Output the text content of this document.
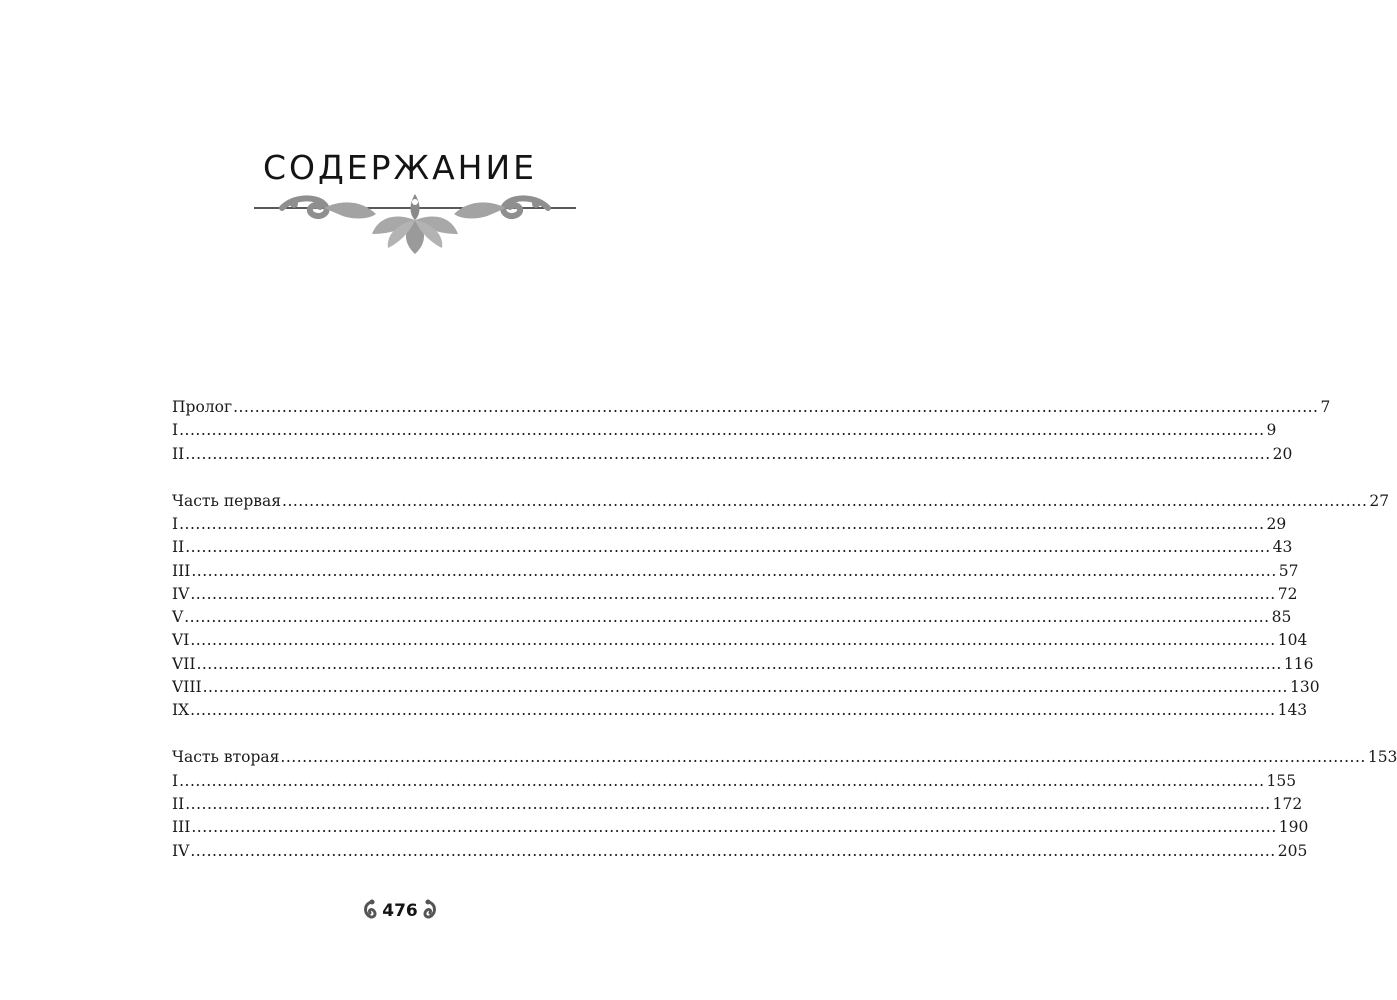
СОДЕРЖАНИЕ
Пролог ........................................................................................................................................................................................................ 7
I ........................................................................................................................................................................................................ 9
II ........................................................................................................................................................................................................ 20
Часть первая ........................................................................................................................................................................................................ 27
I ........................................................................................................................................................................................................ 29
II ........................................................................................................................................................................................................ 43
III ........................................................................................................................................................................................................ 57
IV ........................................................................................................................................................................................................ 72
V ........................................................................................................................................................................................................ 85
VI ........................................................................................................................................................................................................ 104
VII ........................................................................................................................................................................................................ 116
VIII ........................................................................................................................................................................................................ 130
IX ........................................................................................................................................................................................................ 143
Часть вторая ........................................................................................................................................................................................................ 153
I ........................................................................................................................................................................................................ 155
II ........................................................................................................................................................................................................ 172
III ........................................................................................................................................................................................................ 190
IV ........................................................................................................................................................................................................ 205
476
